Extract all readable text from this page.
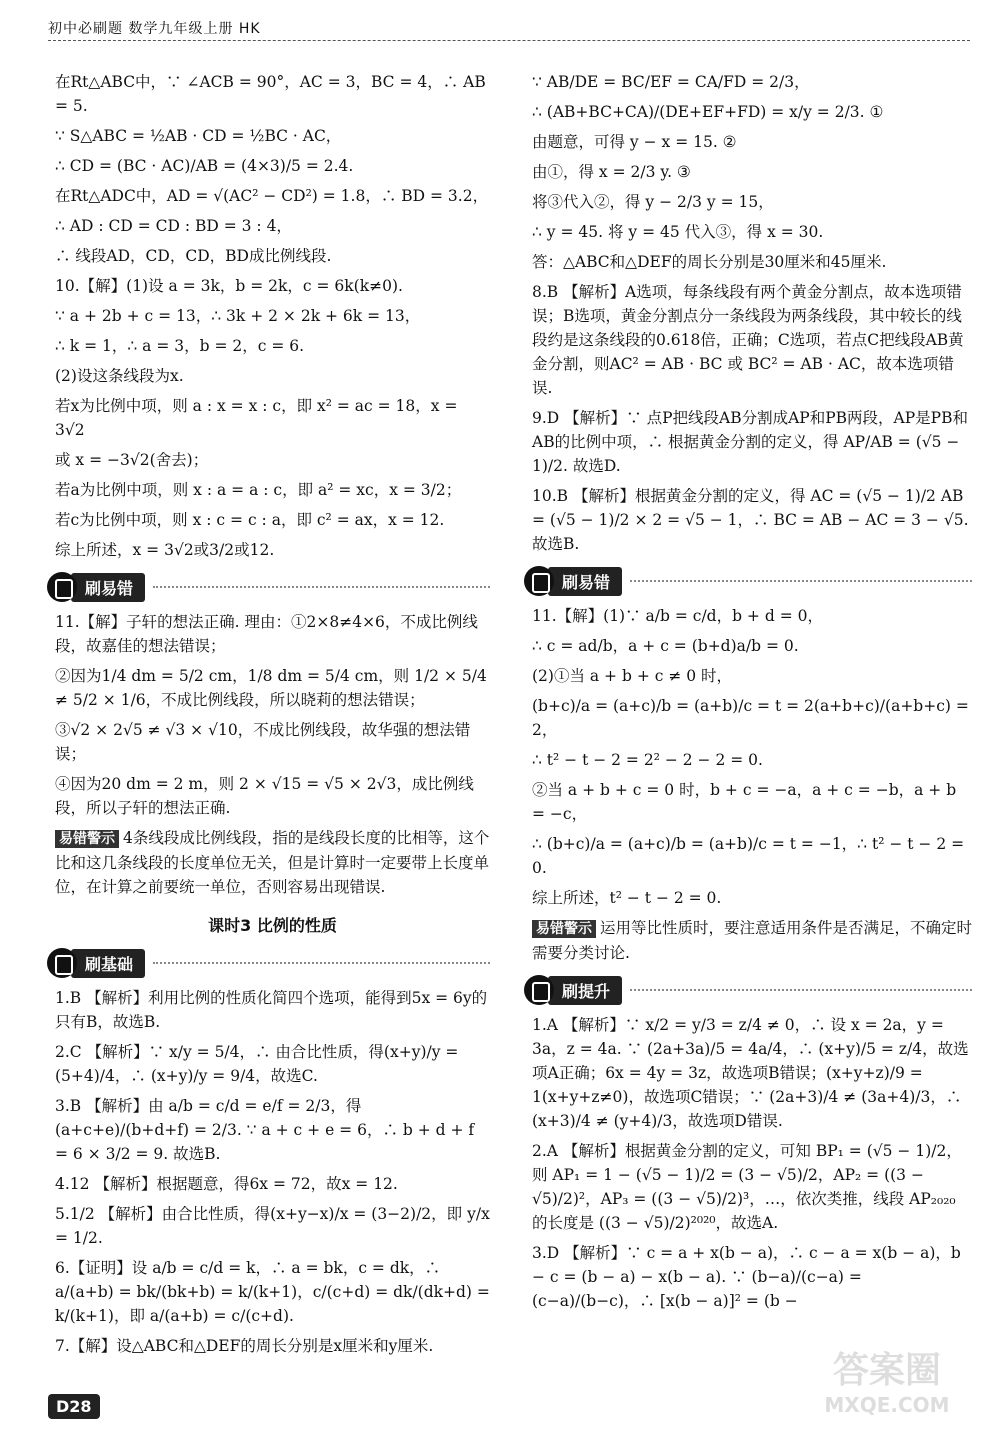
初中必刷题 数学九年级上册 HK

在Rt△ABC中，∵ ∠ACB = 90°，AC = 3，BC = 4，∴ AB = 5.

∵ S△ABC = ½AB · CD = ½BC · AC，

∴ CD = (BC · AC)/AB = (4×3)/5 = 2.4.

在Rt△ADC中，AD = √(AC² − CD²) = 1.8，∴ BD = 3.2，

∴ AD : CD = CD : BD = 3 : 4，

∴ 线段AD，CD，CD，BD成比例线段.

10.【解】(1)设 a = 3k，b = 2k，c = 6k(k≠0).

∵ a + 2b + c = 13，∴ 3k + 2 × 2k + 6k = 13，

∴ k = 1，∴ a = 3，b = 2，c = 6.

(2)设这条线段为x.

若x为比例中项，则 a : x = x : c，即 x² = ac = 18，x = 3√2

或 x = −3√2(舍去)；

若a为比例中项，则 x : a = a : c，即 a² = xc，x = 3/2；

若c为比例中项，则 x : c = c : a，即 c² = ax，x = 12.

综上所述，x = 3√2或3/2或12.

刷易错

11.【解】子轩的想法正确. 理由：①2×8≠4×6，不成比例线段，故嘉佳的想法错误；

②因为1/4 dm = 5/2 cm，1/8 dm = 5/4 cm，则 1/2 × 5/4 ≠ 5/2 × 1/6，不成比例线段，所以晓莉的想法错误；

③√2 × 2√5 ≠ √3 × √10，不成比例线段，故华强的想法错误；

④因为20 dm = 2 m，则 2 × √15 = √5 × 2√3，成比例线段，所以子轩的想法正确.

易错警示 4条线段成比例线段，指的是线段长度的比相等，这个比和这几条线段的长度单位无关，但是计算时一定要带上长度单位，在计算之前要统一单位，否则容易出现错误.

课时3 比例的性质
刷基础

1.B 【解析】利用比例的性质化简四个选项，能得到5x = 6y的只有B，故选B.

2.C 【解析】∵ x/y = 5/4，∴ 由合比性质，得(x+y)/y = (5+4)/4，∴ (x+y)/y = 9/4，故选C.

3.B 【解析】由 a/b = c/d = e/f = 2/3，得(a+c+e)/(b+d+f) = 2/3. ∵ a + c + e = 6，∴ b + d + f = 6 × 3/2 = 9. 故选B.

4.12 【解析】根据题意，得6x = 72，故x = 12.

5.1/2 【解析】由合比性质，得(x+y−x)/x = (3−2)/2，即 y/x = 1/2.

6.【证明】设 a/b = c/d = k，∴ a = bk，c = dk，∴ a/(a+b) = bk/(bk+b) = k/(k+1)，c/(c+d) = dk/(dk+d) = k/(k+1)，即 a/(a+b) = c/(c+d).

7.【解】设△ABC和△DEF的周长分别是x厘米和y厘米.

∵ AB/DE = BC/EF = CA/FD = 2/3，

∴ (AB+BC+CA)/(DE+EF+FD) = x/y = 2/3. ①

由题意，可得 y − x = 15. ②

由①，得 x = 2/3 y. ③

将③代入②，得 y − 2/3 y = 15，

∴ y = 45. 将 y = 45 代入③，得 x = 30.

答：△ABC和△DEF的周长分别是30厘米和45厘米.

8.B 【解析】A选项，每条线段有两个黄金分割点，故本选项错误；B选项，黄金分割点分一条线段为两条线段，其中较长的线段约是这条线段的0.618倍，正确；C选项，若点C把线段AB黄金分割，则AC² = AB · BC 或 BC² = AB · AC，故本选项错误.

9.D 【解析】∵ 点P把线段AB分割成AP和PB两段，AP是PB和AB的比例中项，∴ 根据黄金分割的定义，得 AP/AB = (√5 − 1)/2. 故选D.

10.B 【解析】根据黄金分割的定义，得 AC = (√5 − 1)/2 AB = (√5 − 1)/2 × 2 = √5 − 1，∴ BC = AB − AC = 3 − √5. 故选B.

刷易错

11.【解】(1)∵ a/b = c/d，b + d = 0，

∴ c = ad/b，a + c = (b+d)a/b = 0.

(2)①当 a + b + c ≠ 0 时，

(b+c)/a = (a+c)/b = (a+b)/c = t = 2(a+b+c)/(a+b+c) = 2，

∴ t² − t − 2 = 2² − 2 − 2 = 0.

②当 a + b + c = 0 时，b + c = −a，a + c = −b，a + b = −c，

∴ (b+c)/a = (a+c)/b = (a+b)/c = t = −1，∴ t² − t − 2 = 0.

综上所述，t² − t − 2 = 0.

易错警示 运用等比性质时，要注意适用条件是否满足，不确定时需要分类讨论.

刷提升

1.A 【解析】∵ x/2 = y/3 = z/4 ≠ 0，∴ 设 x = 2a，y = 3a，z = 4a. ∵ (2a+3a)/5 = 4a/4，∴ (x+y)/5 = z/4，故选项A正确；6x = 4y = 3z，故选项B错误；(x+y+z)/9 = 1(x+y+z≠0)，故选项C错误；∵ (2a+3)/4 ≠ (3a+4)/3，∴ (x+3)/4 ≠ (y+4)/3，故选项D错误.

2.A 【解析】根据黄金分割的定义，可知 BP₁ = (√5 − 1)/2，则 AP₁ = 1 − (√5 − 1)/2 = (3 − √5)/2，AP₂ = ((3 − √5)/2)²，AP₃ = ((3 − √5)/2)³，…，依次类推，线段 AP₂₀₂₀ 的长度是 ((3 − √5)/2)²⁰²⁰，故选A.

3.D 【解析】∵ c = a + x(b − a)，∴ c − a = x(b − a)，b − c = (b − a) − x(b − a). ∵ (b−a)/(c−a) = (c−a)/(b−c)，∴ [x(b − a)]² = (b −

D28
答案圈
MXQE.COM
